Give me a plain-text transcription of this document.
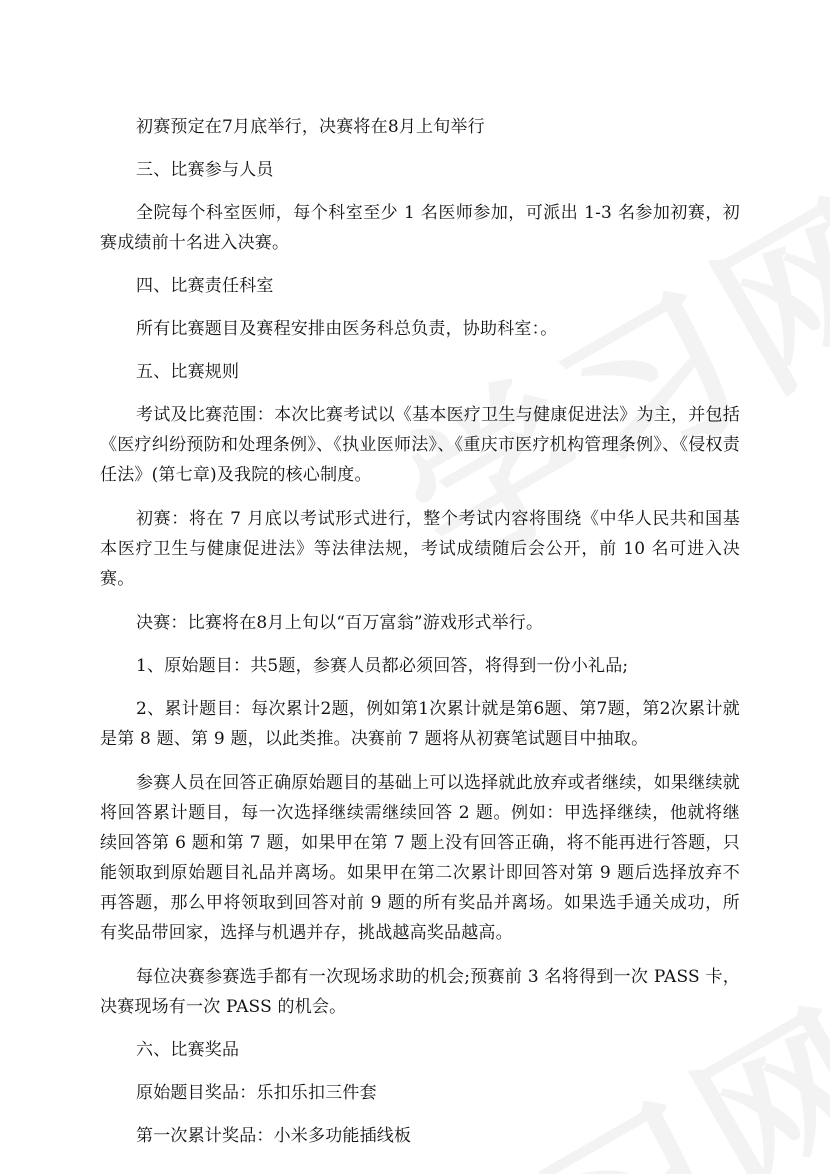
初赛预定在7月底举行，决赛将在8月上旬举行

三、比赛参与人员

全院每个科室医师，每个科室至少 1 名医师参加，可派出 1-3 名参加初赛，初赛成绩前十名进入决赛。

四、比赛责任科室

所有比赛题目及赛程安排由医务科总负责，协助科室：。

五、比赛规则

考试及比赛范围：本次比赛考试以《基本医疗卫生与健康促进法》为主，并包括《医疗纠纷预防和处理条例》、《执业医师法》、《重庆市医疗机构管理条例》、《侵权责任法》(第七章)及我院的核心制度。

初赛：将在 7 月底以考试形式进行，整个考试内容将围绕《中华人民共和国基本医疗卫生与健康促进法》等法律法规，考试成绩随后会公开，前 10 名可进入决赛。

决赛：比赛将在8月上旬以“百万富翁”游戏形式举行。

1、原始题目：共5题，参赛人员都必须回答，将得到一份小礼品;

2、累计题目：每次累计2题，例如第1次累计就是第6题、第7题，第2次累计就是第 8 题、第 9 题，以此类推。决赛前 7 题将从初赛笔试题目中抽取。

参赛人员在回答正确原始题目的基础上可以选择就此放弃或者继续，如果继续就将回答累计题目，每一次选择继续需继续回答 2 题。例如：甲选择继续，他就将继续回答第 6 题和第 7 题，如果甲在第 7 题上没有回答正确，将不能再进行答题，只能领取到原始题目礼品并离场。如果甲在第二次累计即回答对第 9 题后选择放弃不再答题，那么甲将领取到回答对前 9 题的所有奖品并离场。如果选手通关成功，所有奖品带回家，选择与机遇并存，挑战越高奖品越高。

每位决赛参赛选手都有一次现场求助的机会;预赛前 3 名将得到一次 PASS 卡，决赛现场有一次 PASS 的机会。

六、比赛奖品

原始题目奖品：乐扣乐扣三件套

第一次累计奖品：小米多功能插线板
